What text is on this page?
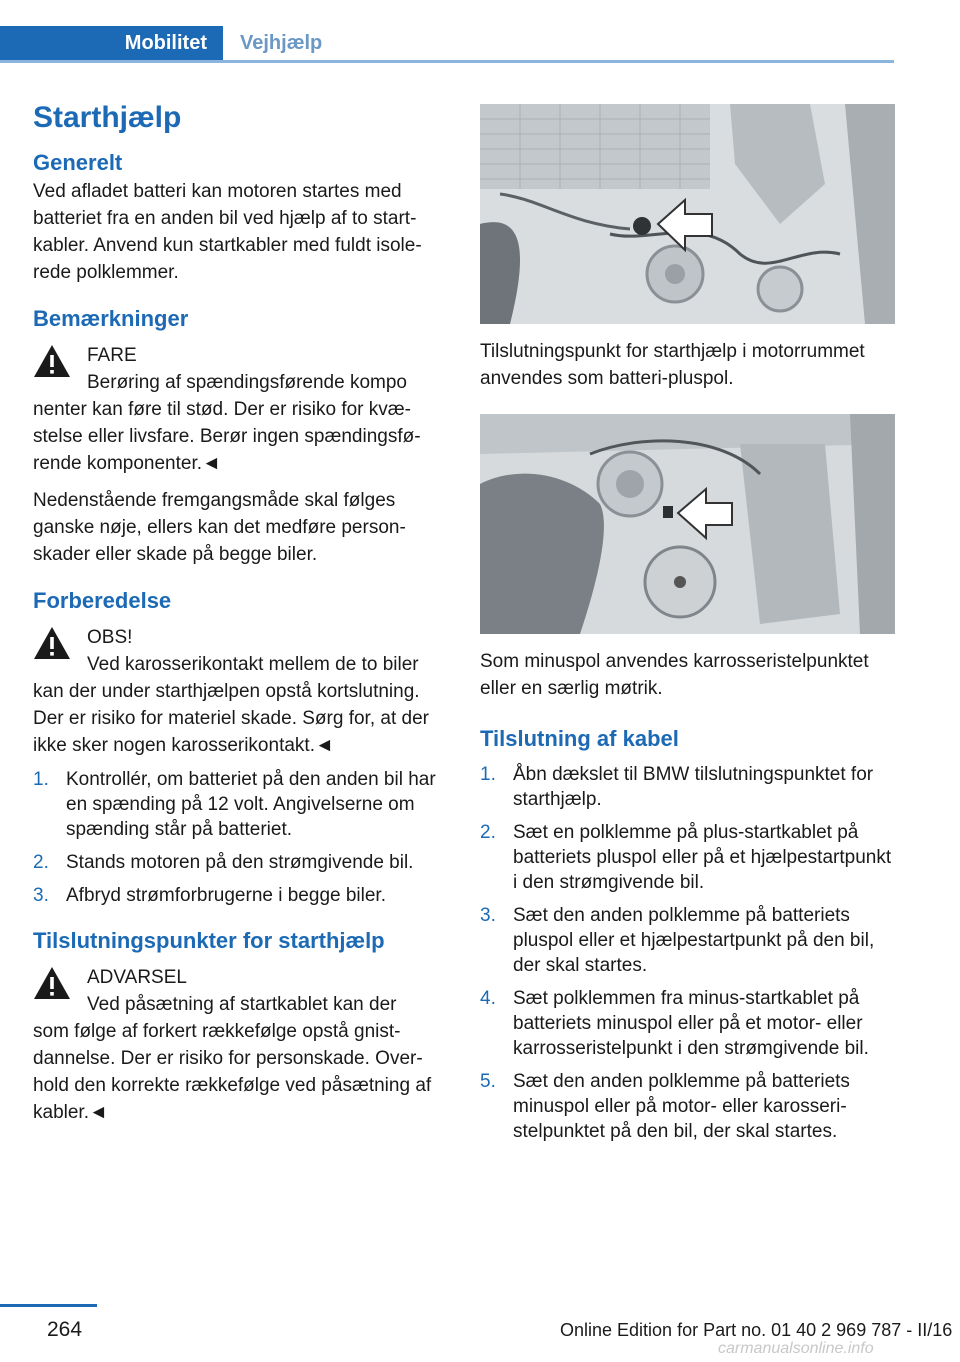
Mobilitet	Vejhjælp
Starthjælp
Generelt

Ved afladet batteri kan motoren startes med batteriet fra en anden bil ved hjælp af to startkabler. Anvend kun startkabler med fuldt isolerede polklemmer.

Bemærkninger

FARE

Berøring af spændingsførende kompo

nenter kan føre til stød. Der er risiko for kvæstelse eller livsfare. Berør ingen spændingsførende komponenter.◄

Nedenstående fremgangsmåde skal følges ganske nøje, ellers kan det medføre personskader eller skade på begge biler.

Forberedelse

OBS!

Ved karosserikontakt mellem de to biler

kan der under starthjælpen opstå kortslutning. Der er risiko for materiel skade. Sørg for, at der ikke sker nogen karosserikontakt.◄

1. Kontrollér, om batteriet på den anden bil har en spænding på 12 volt. Angivelserne om spænding står på batteriet.
2. Stands motoren på den strømgivende bil.
3. Afbryd strømforbrugerne i begge biler.
Tilslutningspunkter for starthjælp

ADVARSEL

Ved påsætning af startkablet kan der

som følge af forkert rækkefølge opstå gnistdannelse. Der er risiko for personskade. Overhold den korrekte rækkefølge ved påsætning af kabler.◄

Tilslutningspunkt for starthjælp i motorrummet anvendes som batteri-pluspol.

Som minuspol anvendes karrosseristelpunktet eller en særlig møtrik.

Tilslutning af kabel
1. Åbn dækslet til BMW tilslutningspunktet for starthjælp.
2. Sæt en polklemme på plus-startkablet på batteriets pluspol eller på et hjælpestartpunkt i den strømgivende bil.
3. Sæt den anden polklemme på batteriets pluspol eller et hjælpestartpunkt på den bil, der skal startes.
4. Sæt polklemmen fra minus-startkablet på batteriets minuspol eller på et motor- eller karrosseristelpunkt i den strømgivende bil.
5. Sæt den anden polklemme på batteriets minuspol eller på motor- eller karosseristelpunktet på den bil, der skal startes.
264	Online Edition for Part no. 01 40 2 969 787 - II/16
carmanualsonline.info
